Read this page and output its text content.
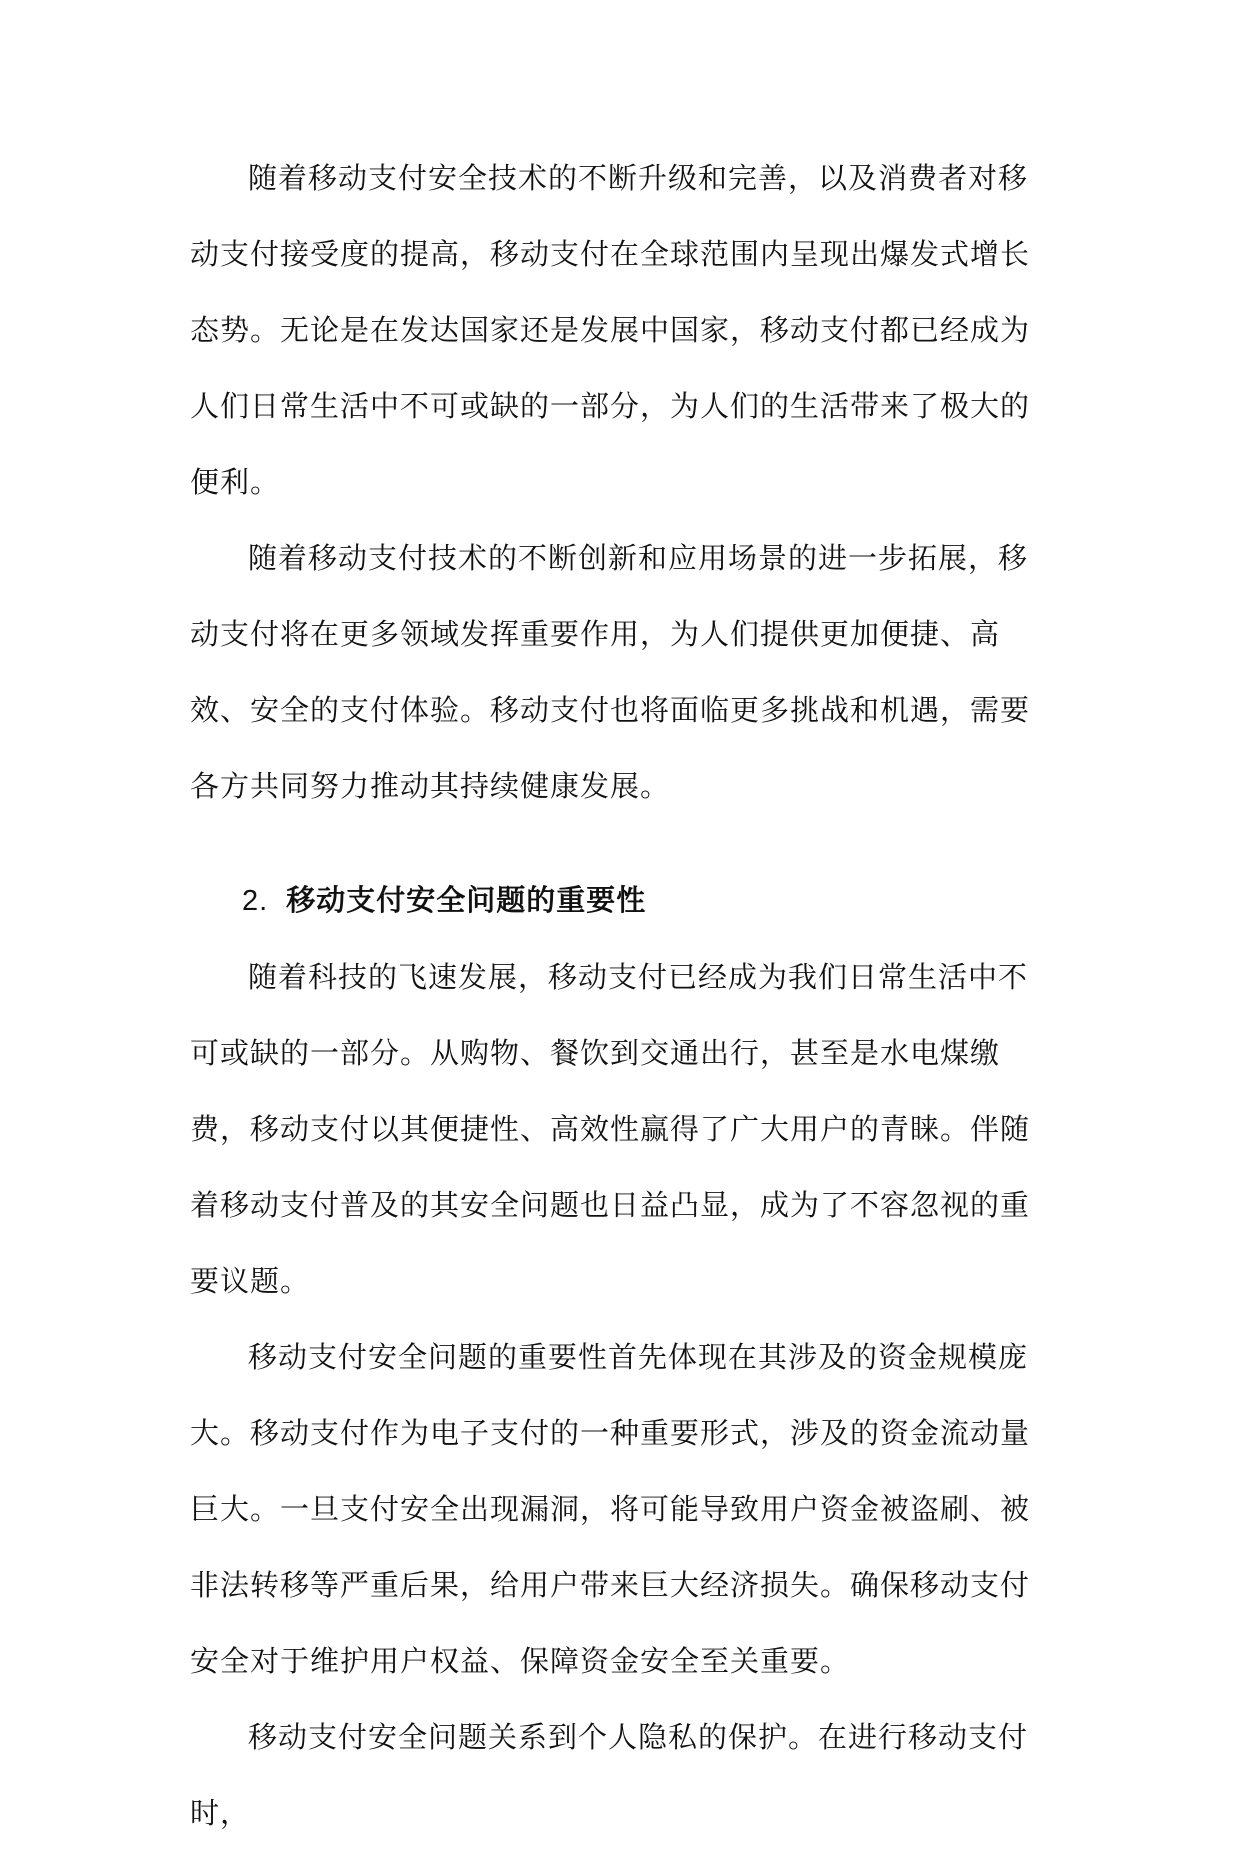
随着移动支付安全技术的不断升级和完善，以及消费者对移动支付接受度的提高，移动支付在全球范围内呈现出爆发式增长态势。无论是在发达国家还是发展中国家，移动支付都已经成为人们日常生活中不可或缺的一部分，为人们的生活带来了极大的便利。

随着移动支付技术的不断创新和应用场景的进一步拓展，移动支付将在更多领域发挥重要作用，为人们提供更加便捷、高效、安全的支付体验。移动支付也将面临更多挑战和机遇，需要各方共同努力推动其持续健康发展。

2. 移动支付安全问题的重要性

随着科技的飞速发展，移动支付已经成为我们日常生活中不可或缺的一部分。从购物、餐饮到交通出行，甚至是水电煤缴费，移动支付以其便捷性、高效性赢得了广大用户的青睐。伴随着移动支付普及的其安全问题也日益凸显，成为了不容忽视的重要议题。

移动支付安全问题的重要性首先体现在其涉及的资金规模庞大。移动支付作为电子支付的一种重要形式，涉及的资金流动量巨大。一旦支付安全出现漏洞，将可能导致用户资金被盗刷、被非法转移等严重后果，给用户带来巨大经济损失。确保移动支付安全对于维护用户权益、保障资金安全至关重要。

移动支付安全问题关系到个人隐私的保护。在进行移动支付时，
